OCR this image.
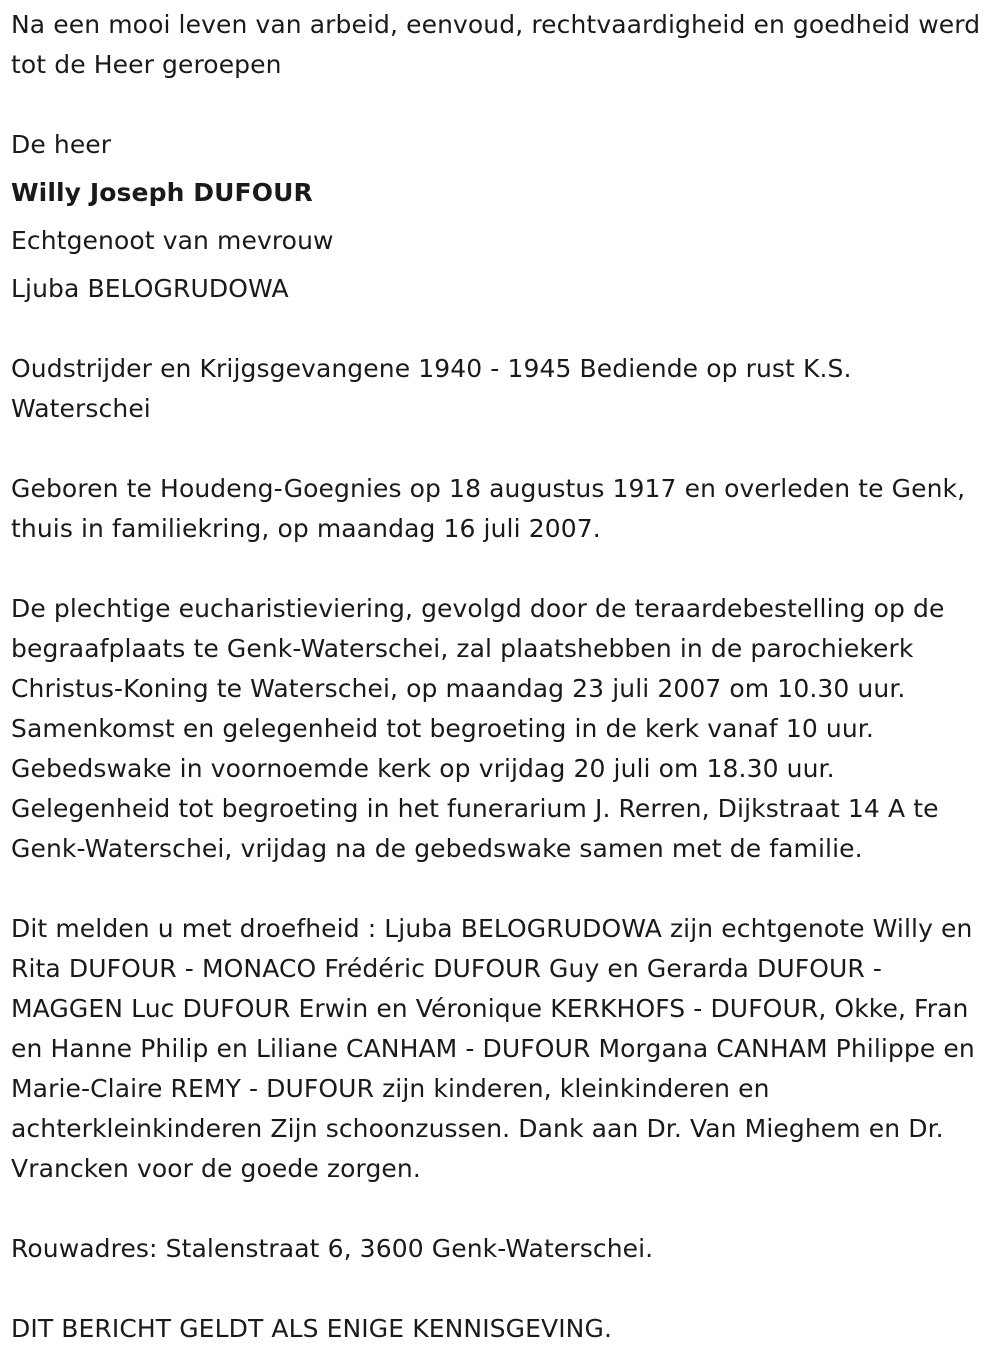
Na een mooi leven van arbeid, eenvoud, rechtvaardigheid en goedheid werd tot de Heer geroepen

De heer

Willy Joseph DUFOUR

Echtgenoot van mevrouw

Ljuba BELOGRUDOWA

Oudstrijder en Krijgsgevangene 1940 - 1945 Bediende op rust K.S. Waterschei

Geboren te Houdeng-Goegnies op 18 augustus 1917 en overleden te Genk, thuis in familiekring, op maandag 16 juli 2007.

De plechtige eucharistieviering, gevolgd door de teraardebestelling op de begraafplaats te Genk-Waterschei, zal plaatshebben in de parochiekerk Christus-Koning te Waterschei, op maandag 23 juli 2007 om 10.30 uur. Samenkomst en gelegenheid tot begroeting in de kerk vanaf 10 uur. Gebedswake in voornoemde kerk op vrijdag 20 juli om 18.30 uur. Gelegenheid tot begroeting in het funerarium J. Rerren, Dijkstraat 14 A te Genk-Waterschei, vrijdag na de gebedswake samen met de familie.

Dit melden u met droefheid : Ljuba BELOGRUDOWA zijn echtgenote Willy en Rita DUFOUR - MONACO Frédéric DUFOUR Guy en Gerarda DUFOUR - MAGGEN Luc DUFOUR Erwin en Véronique KERKHOFS - DUFOUR, Okke, Fran en Hanne Philip en Liliane CANHAM - DUFOUR Morgana CANHAM Philippe en Marie-Claire REMY - DUFOUR zijn kinderen, kleinkinderen en achterkleinkinderen Zijn schoonzussen. Dank aan Dr. Van Mieghem en Dr. Vrancken voor de goede zorgen.

Rouwadres: Stalenstraat 6, 3600 Genk-Waterschei.

DIT BERICHT GELDT ALS ENIGE KENNISGEVING.
